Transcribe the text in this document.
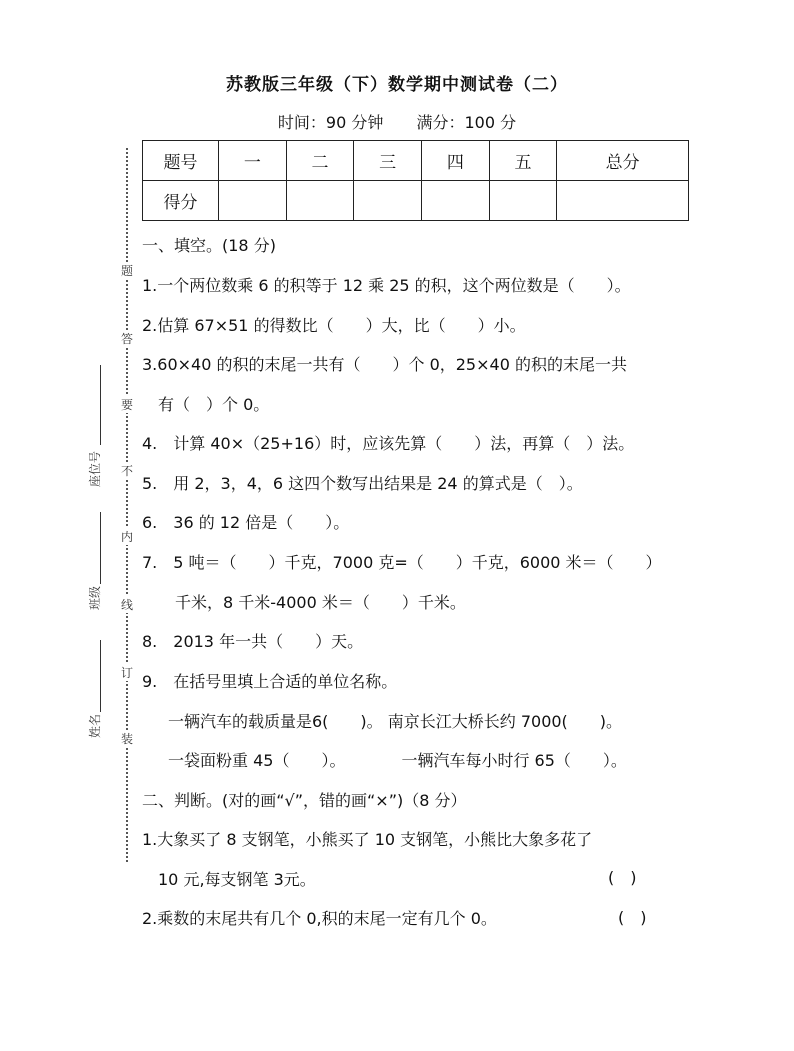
苏教版三年级（下）数学期中测试卷（二）
时间：90 分钟 满分：100 分
题号	一	二	三	四	五	总分
得分						
题
答
要
不
内
线
订
装
座位号
班级
姓名
一、填空。(18 分)
1.一个两位数乘 6 的积等于 12 乘 25 的积，这个两位数是（　　）。
2.估算 67×51 的得数比（　　）大，比（　　）小。
3.60×40 的积的末尾一共有（　　）个 0，25×40 的积的末尾一共
有（　）个 0。
4.　计算 40×（25+16）时，应该先算（　　）法，再算（　）法。
5.　用 2，3，4，6 这四个数写出结果是 24 的算式是（　）。
6.　36 的 12 倍是（　　）。
7.　5 吨＝（　　）千克，7000 克=（　　）千克，6000 米＝（　　）
千米，8 千米-4000 米＝（　　）千米。
8.　2013 年一共（　　）天。
9.　在括号里填上合适的单位名称。
一辆汽车的载质量是6(　　)。 南京长江大桥长约 7000(　　)。
一袋面粉重 45（　　）。　　　　一辆汽车每小时行 65（　　）。
二、判断。(对的画“√”，错的画“×”)（8 分）
1.大象买了 8 支钢笔，小熊买了 10 支钢笔，小熊比大象多花了
10 元,每支钢笔 3元。	(　)
2.乘数的末尾共有几个 0,积的末尾一定有几个 0。	(　)
